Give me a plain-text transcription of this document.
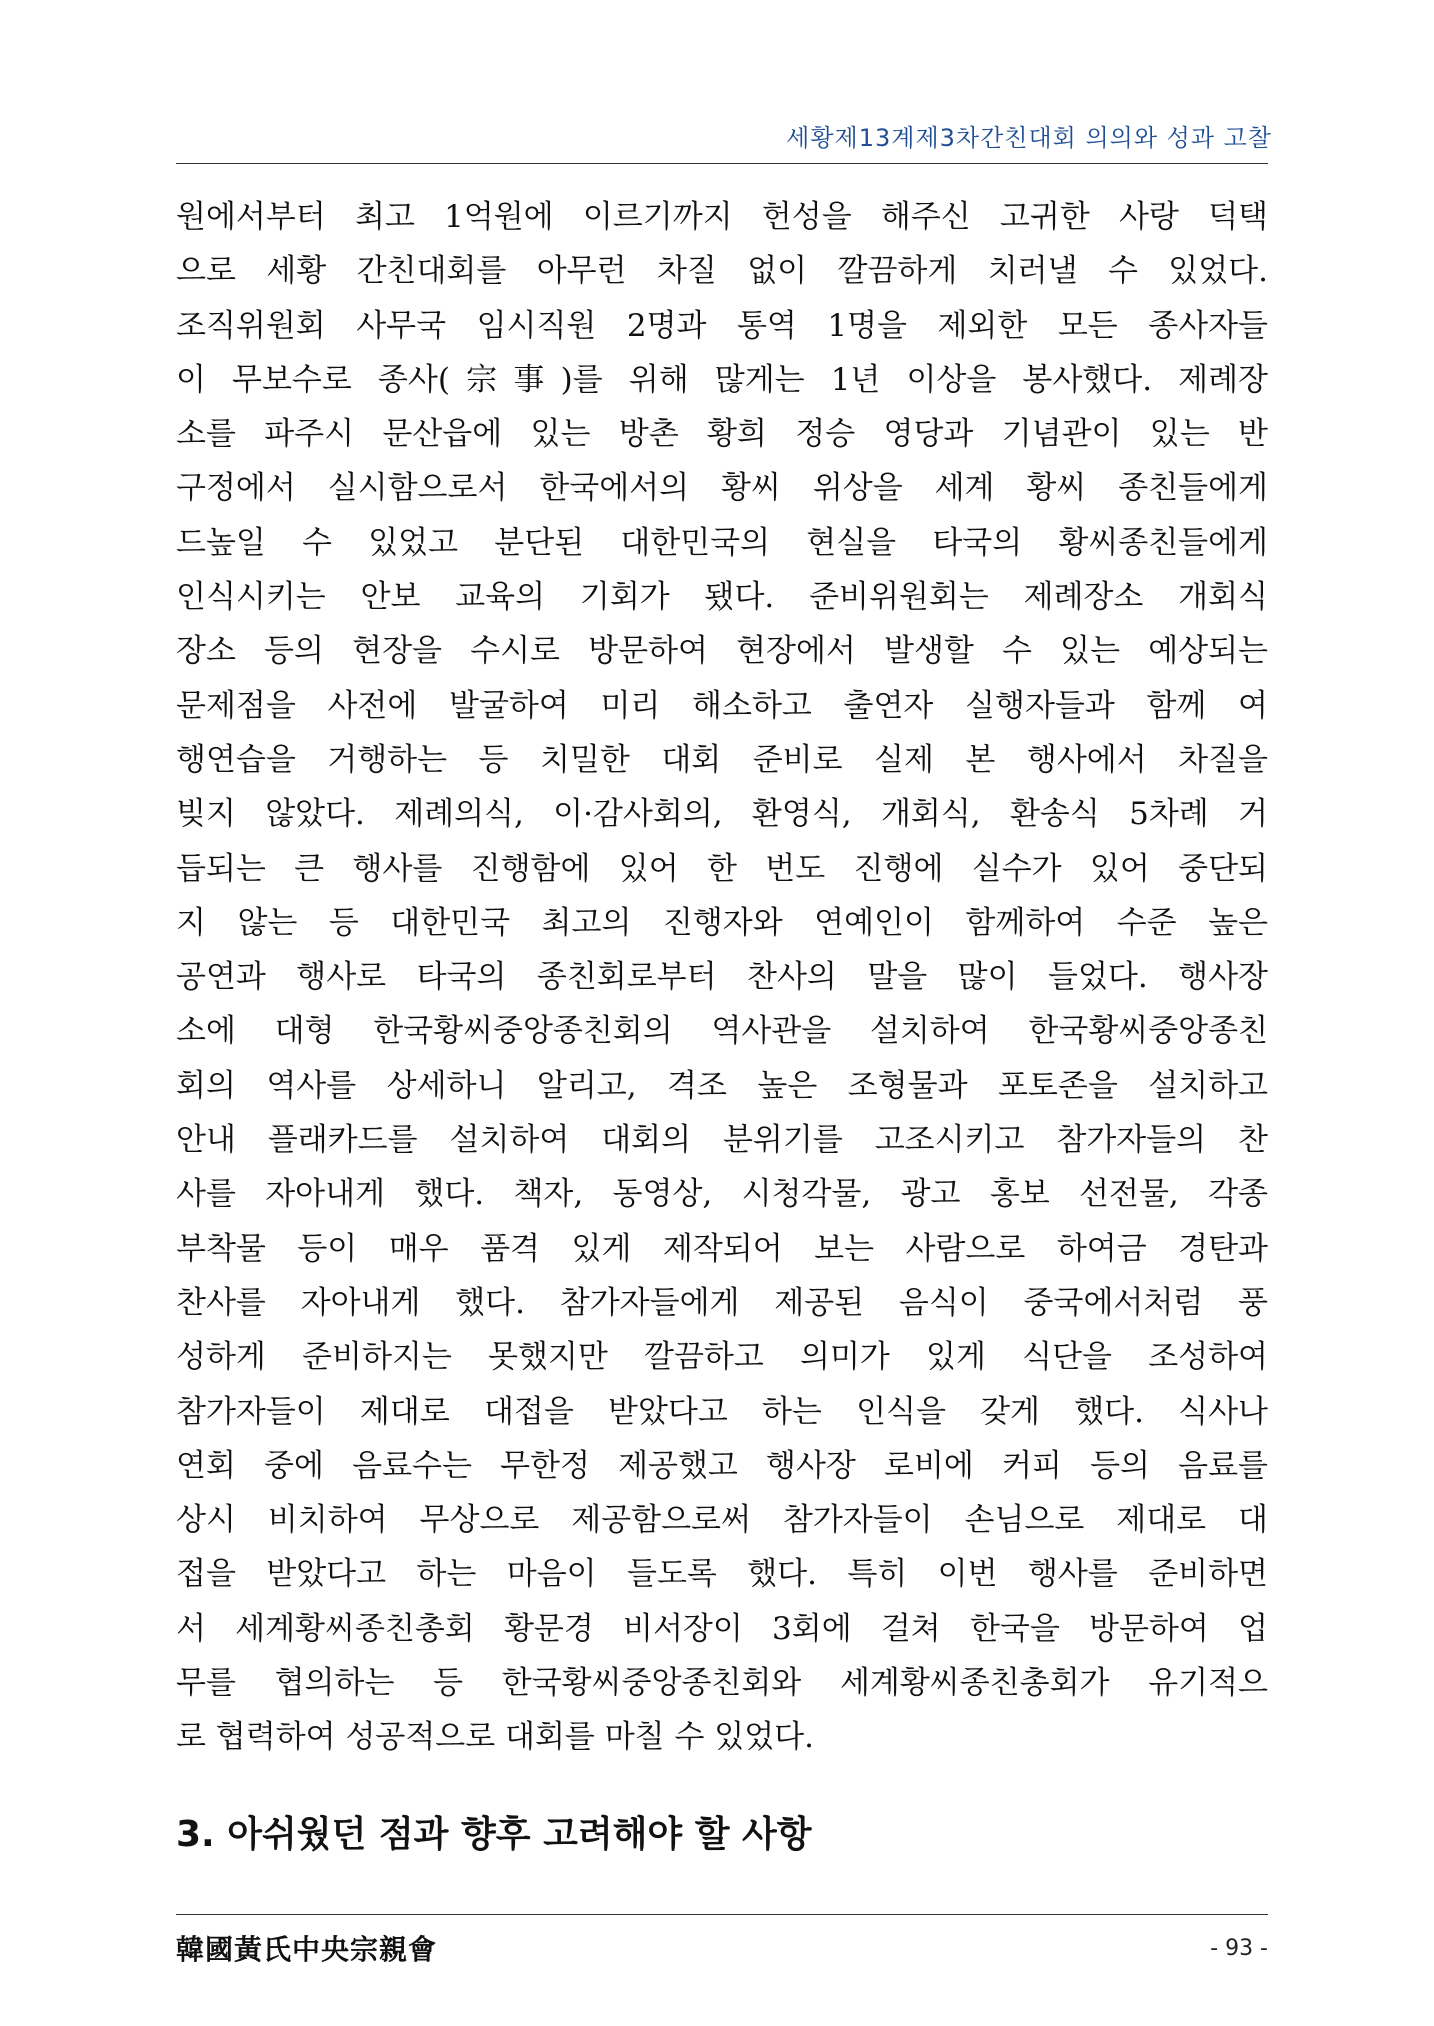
세황제13계제3차간친대회 의의와 성과 고찰
원에서부터 최고 1억원에 이르기까지 헌성을 해주신 고귀한 사랑 덕택
으로 세황 간친대회를 아무런 차질 없이 깔끔하게 치러낼 수 있었다.
조직위원회 사무국 임시직원 2명과 통역 1명을 제외한 모든 종사자들
이 무보수로 종사(宗事)를 위해 많게는 1년 이상을 봉사했다. 제례장
소를 파주시 문산읍에 있는 방촌 황희 정승 영당과 기념관이 있는 반
구정에서 실시함으로서 한국에서의 황씨 위상을 세계 황씨 종친들에게
드높일 수 있었고 분단된 대한민국의 현실을 타국의 황씨종친들에게
인식시키는 안보 교육의 기회가 됐다. 준비위원회는 제례장소 개회식
장소 등의 현장을 수시로 방문하여 현장에서 발생할 수 있는 예상되는
문제점을 사전에 발굴하여 미리 해소하고 출연자 실행자들과 함께 여
행연습을 거행하는 등 치밀한 대회 준비로 실제 본 행사에서 차질을
빚지 않았다. 제례의식, 이·감사회의, 환영식, 개회식, 환송식 5차례 거
듭되는 큰 행사를 진행함에 있어 한 번도 진행에 실수가 있어 중단되
지 않는 등 대한민국 최고의 진행자와 연예인이 함께하여 수준 높은
공연과 행사로 타국의 종친회로부터 찬사의 말을 많이 들었다. 행사장
소에 대형 한국황씨중앙종친회의 역사관을 설치하여 한국황씨중앙종친
회의 역사를 상세하니 알리고, 격조 높은 조형물과 포토존을 설치하고
안내 플래카드를 설치하여 대회의 분위기를 고조시키고 참가자들의 찬
사를 자아내게 했다. 책자, 동영상, 시청각물, 광고 홍보 선전물, 각종
부착물 등이 매우 품격 있게 제작되어 보는 사람으로 하여금 경탄과
찬사를 자아내게 했다. 참가자들에게 제공된 음식이 중국에서처럼 풍
성하게 준비하지는 못했지만 깔끔하고 의미가 있게 식단을 조성하여
참가자들이 제대로 대접을 받았다고 하는 인식을 갖게 했다. 식사나
연회 중에 음료수는 무한정 제공했고 행사장 로비에 커피 등의 음료를
상시 비치하여 무상으로 제공함으로써 참가자들이 손님으로 제대로 대
접을 받았다고 하는 마음이 들도록 했다. 특히 이번 행사를 준비하면
서 세계황씨종친총회 황문경 비서장이 3회에 걸쳐 한국을 방문하여 업
무를 협의하는 등 한국황씨중앙종친회와 세계황씨종친총회가 유기적으
로 협력하여 성공적으로 대회를 마칠 수 있었다.
3. 아쉬웠던 점과 향후 고려해야 할 사항
韓國黃氏中央宗親會	- 93 -
